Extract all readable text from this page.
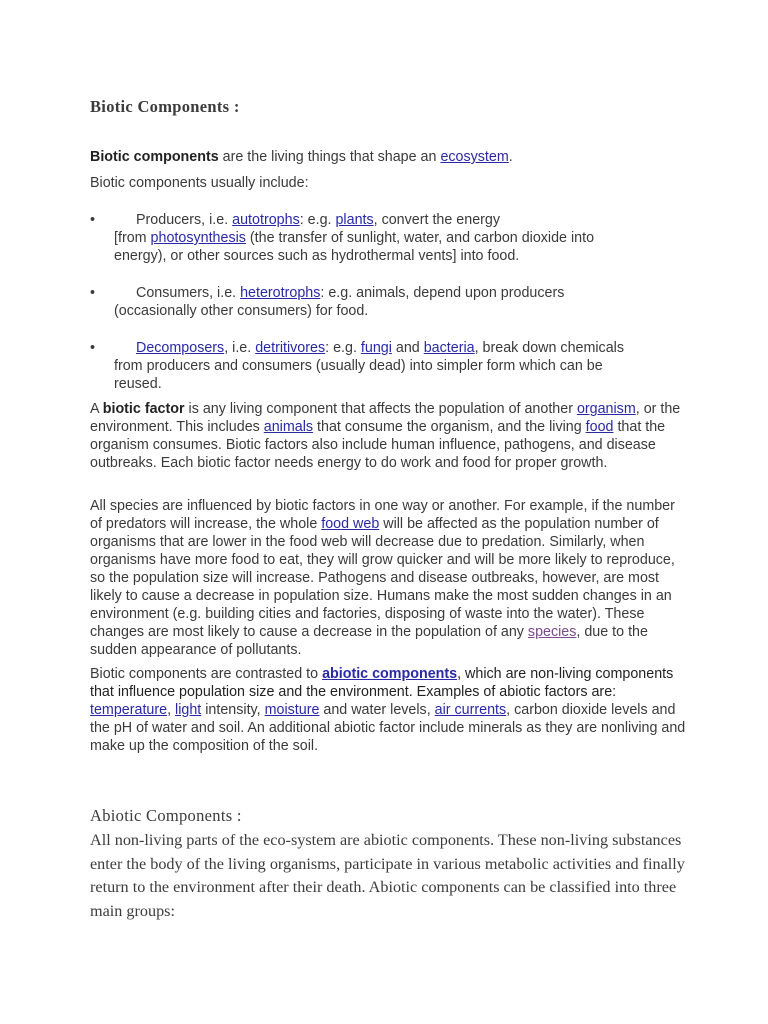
Biotic Components :

Biotic components are the living things that shape an ecosystem.

Biotic components usually include:

•	Producers, i.e. autotrophs: e.g. plants, convert the energy
[from photosynthesis (the transfer of sunlight, water, and carbon dioxide into energy), or other sources such as hydrothermal vents] into food.

•	Consumers, i.e. heterotrophs: e.g. animals, depend upon producers (occasionally other consumers) for food.

•	Decomposers, i.e. detritivores: e.g. fungi and bacteria, break down chemicals from producers and consumers (usually dead) into simpler form which can be reused.

A biotic factor is any living component that affects the population of another organism, or the environment. This includes animals that consume the organism, and the living food that the organism consumes. Biotic factors also include human influence, pathogens, and disease outbreaks. Each biotic factor needs energy to do work and food for proper growth.

All species are influenced by biotic factors in one way or another. For example, if the number of predators will increase, the whole food web will be affected as the population number of organisms that are lower in the food web will decrease due to predation. Similarly, when organisms have more food to eat, they will grow quicker and will be more likely to reproduce, so the population size will increase. Pathogens and disease outbreaks, however, are most likely to cause a decrease in population size. Humans make the most sudden changes in an environment (e.g. building cities and factories, disposing of waste into the water). These changes are most likely to cause a decrease in the population of any species, due to the sudden appearance of pollutants.

Biotic components are contrasted to abiotic components, which are non-living components that influence population size and the environment. Examples of abiotic factors are: temperature, light intensity, moisture and water levels, air currents, carbon dioxide levels and the pH of water and soil. An additional abiotic factor include minerals as they are nonliving and make up the composition of the soil.

Abiotic Components :

All non-living parts of the eco-system are abiotic components. These non-living substances enter the body of the living organisms, participate in various metabolic activities and finally return to the environment after their death. Abiotic components can be classified into three main groups:
